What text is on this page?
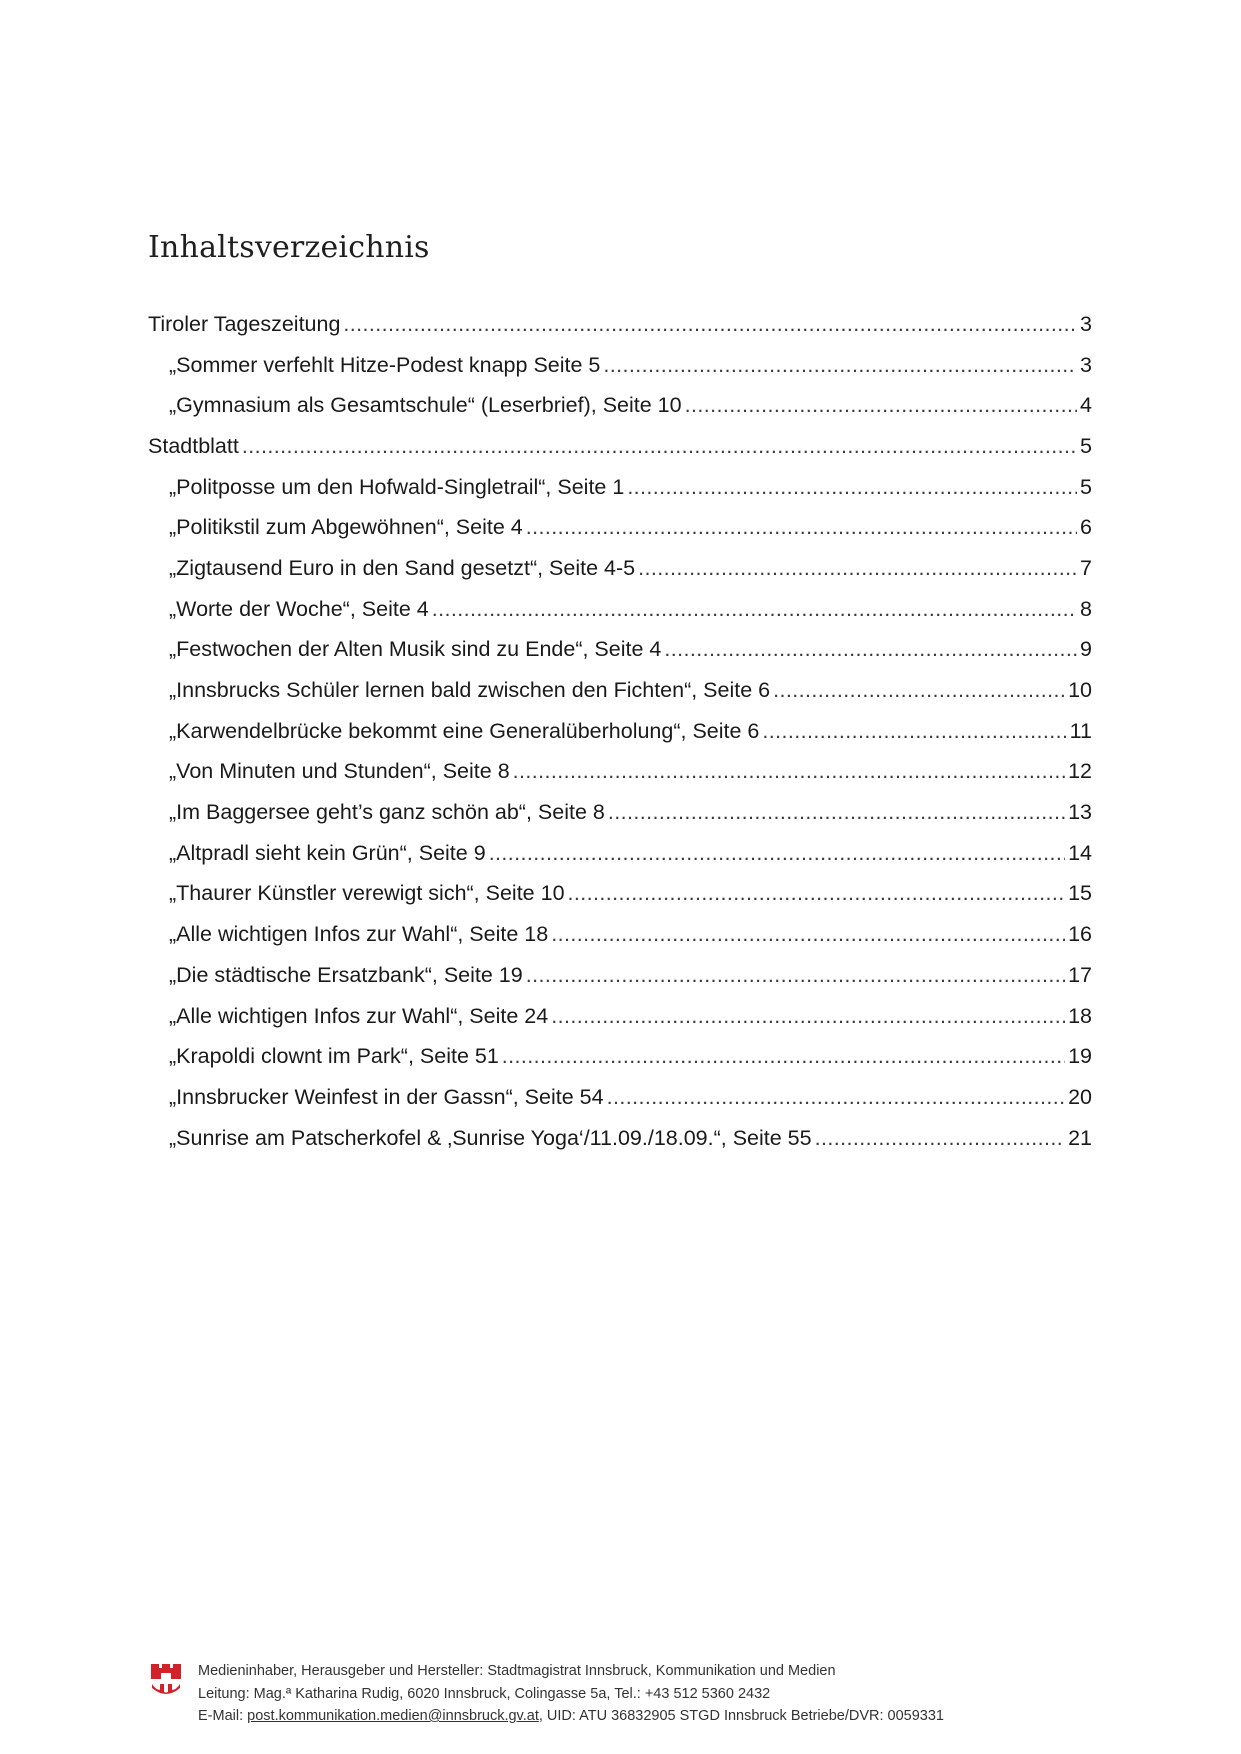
Inhaltsverzeichnis
Tiroler Tageszeitung .....	3
„Sommer verfehlt Hitze-Podest knapp Seite 5 .....	3
„Gymnasium als Gesamtschule“ (Leserbrief), Seite 10 .....	4
Stadtblatt .....	5
„Politposse um den Hofwald-Singletrail“, Seite 1 .....	5
„Politikstil zum Abgewöhnen“, Seite 4 .....	6
„Zigtausend Euro in den Sand gesetzt“, Seite 4-5 .....	7
„Worte der Woche“, Seite 4 .....	8
„Festwochen der Alten Musik sind zu Ende“, Seite 4 .....	9
„Innsbrucks Schüler lernen bald zwischen den Fichten“, Seite 6 .....	10
„Karwendelbrücke bekommt eine Generalüberholung“, Seite 6 .....	11
„Von Minuten und Stunden“, Seite 8 .....	12
„Im Baggersee geht’s ganz schön ab“, Seite 8 .....	13
„Altpradl sieht kein Grün“, Seite 9 .....	14
„Thaurer Künstler verewigt sich“, Seite 10 .....	15
„Alle wichtigen Infos zur Wahl“, Seite 18 .....	16
„Die städtische Ersatzbank“, Seite 19 .....	17
„Alle wichtigen Infos zur Wahl“, Seite 24 .....	18
„Krapoldi clownt im Park“, Seite 51 .....	19
„Innsbrucker Weinfest in der Gassn“, Seite 54 .....	20
„Sunrise am Patscherkofel & ‚Sunrise Yoga‘/11.09./18.09.“, Seite 55 .....	21
Medieninhaber, Herausgeber und Hersteller: Stadtmagistrat Innsbruck, Kommunikation und Medien
Leitung: Mag.ª Katharina Rudig, 6020 Innsbruck, Colingasse 5a, Tel.: +43 512 5360 2432
E-Mail: post.kommunikation.medien@innsbruck.gv.at, UID: ATU 36832905 STGD Innsbruck Betriebe/DVR: 0059331
